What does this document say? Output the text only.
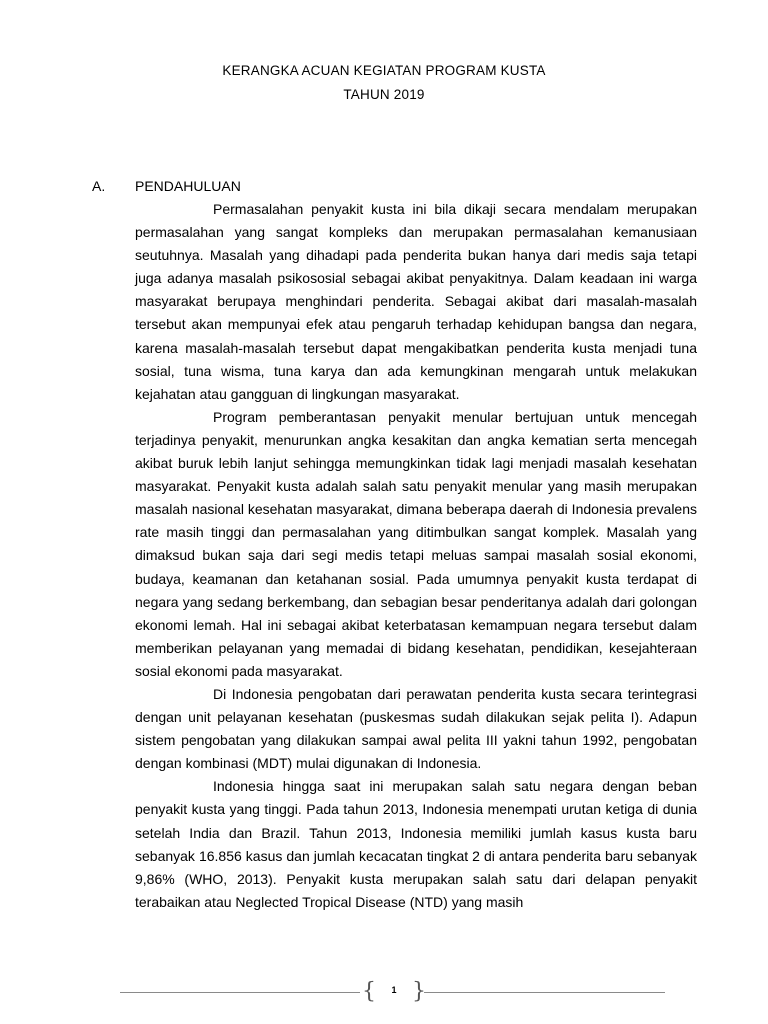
KERANGKA ACUAN KEGIATAN PROGRAM KUSTA
TAHUN 2019
A. PENDAHULUAN

Permasalahan penyakit kusta ini bila dikaji secara mendalam merupakan permasalahan yang sangat kompleks dan merupakan permasalahan kemanusiaan seutuhnya. Masalah yang dihadapi pada penderita bukan hanya dari medis saja tetapi juga adanya masalah psikososial sebagai akibat penyakitnya. Dalam keadaan ini warga masyarakat berupaya menghindari penderita. Sebagai akibat dari masalah-masalah tersebut akan mempunyai efek atau pengaruh terhadap kehidupan bangsa dan negara, karena masalah-masalah tersebut dapat mengakibatkan penderita kusta menjadi tuna sosial, tuna wisma, tuna karya dan ada kemungkinan mengarah untuk melakukan kejahatan atau gangguan di lingkungan masyarakat.

Program pemberantasan penyakit menular bertujuan untuk mencegah terjadinya penyakit, menurunkan angka kesakitan dan angka kematian serta mencegah akibat buruk lebih lanjut sehingga memungkinkan tidak lagi menjadi masalah kesehatan masyarakat. Penyakit kusta adalah salah satu penyakit menular yang masih merupakan masalah nasional kesehatan masyarakat, dimana beberapa daerah di Indonesia prevalens rate masih tinggi dan permasalahan yang ditimbulkan sangat komplek. Masalah yang dimaksud bukan saja dari segi medis tetapi meluas sampai masalah sosial ekonomi, budaya, keamanan dan ketahanan sosial. Pada umumnya penyakit kusta terdapat di negara yang sedang berkembang, dan sebagian besar penderitanya adalah dari golongan ekonomi lemah. Hal ini sebagai akibat keterbatasan kemampuan negara tersebut dalam memberikan pelayanan yang memadai di bidang kesehatan, pendidikan, kesejahteraan sosial ekonomi pada masyarakat.

Di Indonesia pengobatan dari perawatan penderita kusta secara terintegrasi dengan unit pelayanan kesehatan (puskesmas sudah dilakukan sejak pelita I). Adapun sistem pengobatan yang dilakukan sampai awal pelita III yakni tahun 1992, pengobatan dengan kombinasi (MDT) mulai digunakan di Indonesia.

Indonesia hingga saat ini merupakan salah satu negara dengan beban penyakit kusta yang tinggi. Pada tahun 2013, Indonesia menempati urutan ketiga di dunia setelah India dan Brazil. Tahun 2013, Indonesia memiliki jumlah kasus kusta baru sebanyak 16.856 kasus dan jumlah kecacatan tingkat 2 di antara penderita baru sebanyak 9,86% (WHO, 2013). Penyakit kusta merupakan salah satu dari delapan penyakit terabaikan atau Neglected Tropical Disease (NTD) yang masih

{ }
1
